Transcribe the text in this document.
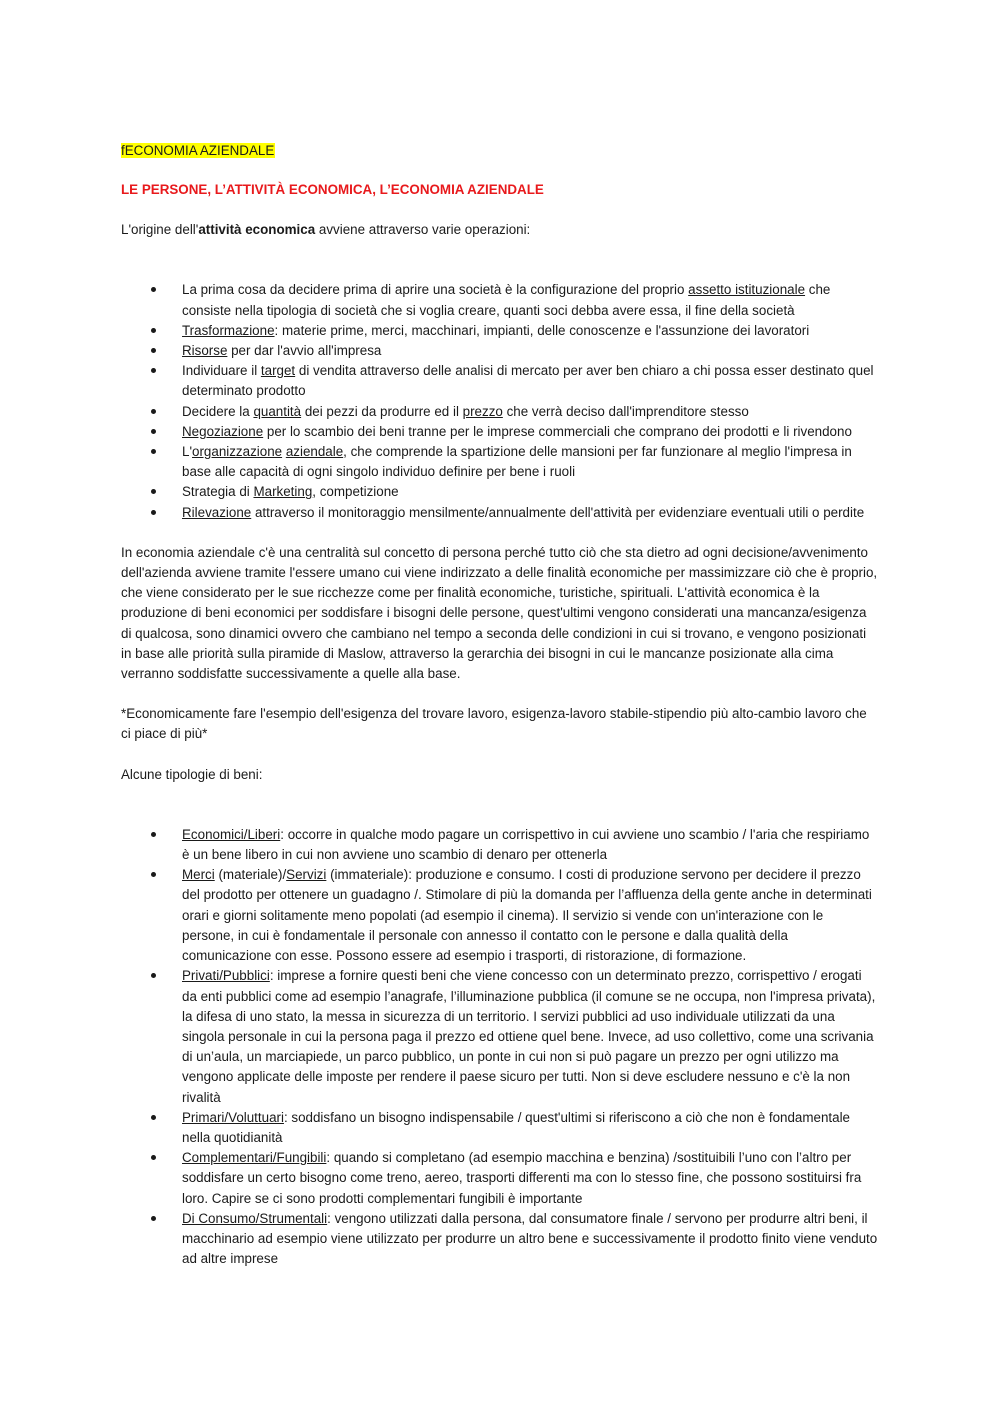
fECONOMIA AZIENDALE
LE PERSONE, L’ATTIVITÀ ECONOMICA, L’ECONOMIA AZIENDALE

L'origine dell'attività economica avviene attraverso varie operazioni:

La prima cosa da decidere prima di aprire una società è la configurazione del proprio assetto istituzionale che consiste nella tipologia di società che si voglia creare, quanti soci debba avere essa, il fine della società
Trasformazione: materie prime, merci, macchinari, impianti, delle conoscenze e l'assunzione dei lavoratori
Risorse per dar l'avvio all'impresa
Individuare il target di vendita attraverso delle analisi di mercato per aver ben chiaro a chi possa esser destinato quel determinato prodotto
Decidere la quantità dei pezzi da produrre ed il prezzo che verrà deciso dall'imprenditore stesso
Negoziazione per lo scambio dei beni tranne per le imprese commerciali che comprano dei prodotti e li rivendono
L'organizzazione aziendale, che comprende la spartizione delle mansioni per far funzionare al meglio l'impresa in base alle capacità di ogni singolo individuo definire per bene i ruoli
Strategia di Marketing, competizione
Rilevazione attraverso il monitoraggio mensilmente/annualmente dell'attività per evidenziare eventuali utili o perdite

In economia aziendale c'è una centralità sul concetto di persona perché tutto ciò che sta dietro ad ogni decisione/avvenimento dell'azienda avviene tramite l'essere umano cui viene indirizzato a delle finalità economiche per massimizzare ciò che è proprio, che viene considerato per le sue ricchezze come per finalità economiche, turistiche, spirituali. L'attività economica è la produzione di beni economici per soddisfare i bisogni delle persone, quest'ultimi vengono considerati una mancanza/esigenza di qualcosa, sono dinamici ovvero che cambiano nel tempo a seconda delle condizioni in cui si trovano, e vengono posizionati in base alle priorità sulla piramide di Maslow, attraverso la gerarchia dei bisogni in cui le mancanze posizionate alla cima verranno soddisfatte successivamente a quelle alla base.

*Economicamente fare l'esempio dell'esigenza del trovare lavoro, esigenza-lavoro stabile-stipendio più alto-cambio lavoro che ci piace di più*

Alcune tipologie di beni:

Economici/Liberi: occorre in qualche modo pagare un corrispettivo in cui avviene uno scambio / l'aria che respiriamo è un bene libero in cui non avviene uno scambio di denaro per ottenerla
Merci (materiale)/Servizi (immateriale): produzione e consumo. I costi di produzione servono per decidere il prezzo del prodotto per ottenere un guadagno /. Stimolare di più la domanda per l’affluenza della gente anche in determinati orari e giorni solitamente meno popolati (ad esempio il cinema). Il servizio si vende con un'interazione con le persone, in cui è fondamentale il personale con annesso il contatto con le persone e dalla qualità della comunicazione con esse. Possono essere ad esempio i trasporti, di ristorazione, di formazione.
Privati/Pubblici: imprese a fornire questi beni che viene concesso con un determinato prezzo, corrispettivo / erogati da enti pubblici come ad esempio l’anagrafe, l’illuminazione pubblica (il comune se ne occupa, non l'impresa privata), la difesa di uno stato, la messa in sicurezza di un territorio. I servizi pubblici ad uso individuale utilizzati da una singola personale in cui la persona paga il prezzo ed ottiene quel bene. Invece, ad uso collettivo, come una scrivania di un’aula, un marciapiede, un parco pubblico, un ponte in cui non si può pagare un prezzo per ogni utilizzo ma vengono applicate delle imposte per rendere il paese sicuro per tutti. Non si deve escludere nessuno e c'è la non rivalità
Primari/Voluttuari: soddisfano un bisogno indispensabile / quest'ultimi si riferiscono a ciò che non è fondamentale nella quotidianità
Complementari/Fungibili: quando si completano (ad esempio macchina e benzina) /sostituibili l’uno con l’altro per soddisfare un certo bisogno come treno, aereo, trasporti differenti ma con lo stesso fine, che possono sostituirsi fra loro. Capire se ci sono prodotti complementari fungibili è importante
Di Consumo/Strumentali: vengono utilizzati dalla persona, dal consumatore finale / servono per produrre altri beni, il macchinario ad esempio viene utilizzato per produrre un altro bene e successivamente il prodotto finito viene venduto ad altre imprese
